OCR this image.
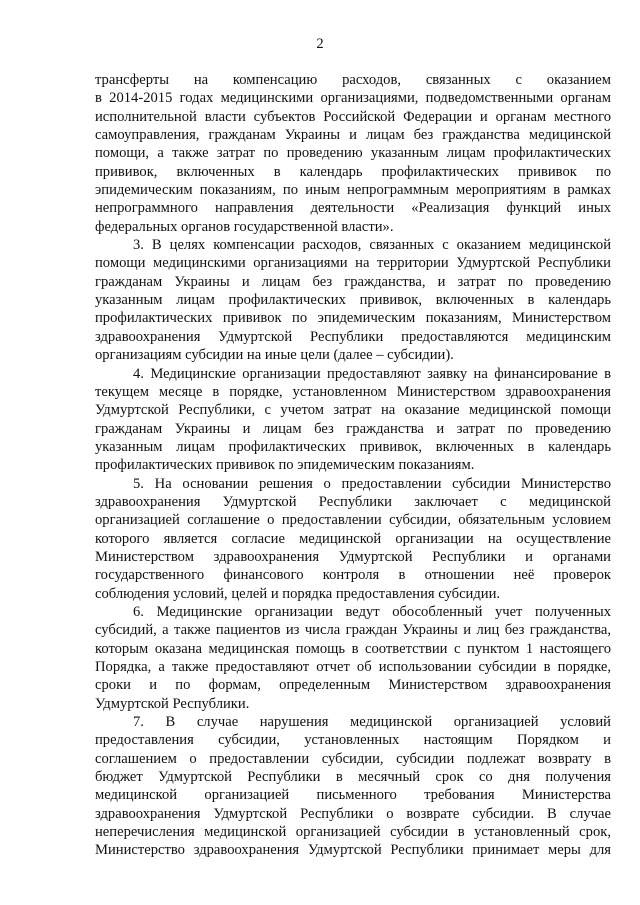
2
трансферты на компенсацию расходов, связанных с оказанием
в 2014-2015 годах медицинскими организациями, подведомственными органам
исполнительной власти субъектов Российской Федерации и органам местного
самоуправления, гражданам Украины и лицам без гражданства медицинской
помощи, а также затрат по проведению указанным лицам профилактических
прививок, включенных в календарь профилактических прививок по
эпидемическим показаниям, по иным непрограммным мероприятиям в рамках
непрограммного направления деятельности «Реализация функций иных
федеральных органов государственной власти».
3. В целях компенсации расходов, связанных с оказанием медицинской
помощи медицинскими организациями на территории Удмуртской Республики
гражданам Украины и лицам без гражданства, и затрат по проведению
указанным лицам профилактических прививок, включенных в календарь
профилактических прививок по эпидемическим показаниям, Министерством
здравоохранения Удмуртской Республики предоставляются медицинским
организациям субсидии на иные цели (далее – субсидии).
4. Медицинские организации предоставляют заявку на финансирование в
текущем месяце в порядке, установленном Министерством здравоохранения
Удмуртской Республики, с учетом затрат на оказание медицинской помощи
гражданам Украины и лицам без гражданства и затрат по проведению
указанным лицам профилактических прививок, включенных в календарь
профилактических прививок по эпидемическим показаниям.
5. На основании решения о предоставлении субсидии Министерство
здравоохранения Удмуртской Республики заключает с медицинской
организацией соглашение о предоставлении субсидии, обязательным условием
которого является согласие медицинской организации на осуществление
Министерством здравоохранения Удмуртской Республики и органами
государственного финансового контроля в отношении неё проверок
соблюдения условий, целей и порядка предоставления субсидии.
6. Медицинские организации ведут обособленный учет полученных
субсидий, а также пациентов из числа граждан Украины и лиц без гражданства,
которым оказана медицинская помощь в соответствии с пунктом 1 настоящего
Порядка, а также предоставляют отчет об использовании субсидии в порядке,
сроки и по формам, определенным Министерством здравоохранения
Удмуртской Республики.
7. В случае нарушения медицинской организацией условий
предоставления субсидии, установленных настоящим Порядком и
соглашением о предоставлении субсидии, субсидии подлежат возврату в
бюджет Удмуртской Республики в месячный срок со дня получения
медицинской организацией письменного требования Министерства
здравоохранения Удмуртской Республики о возврате субсидии. В случае
неперечисления медицинской организацией субсидии в установленный срок,
Министерство здравоохранения Удмуртской Республики принимает меры для
